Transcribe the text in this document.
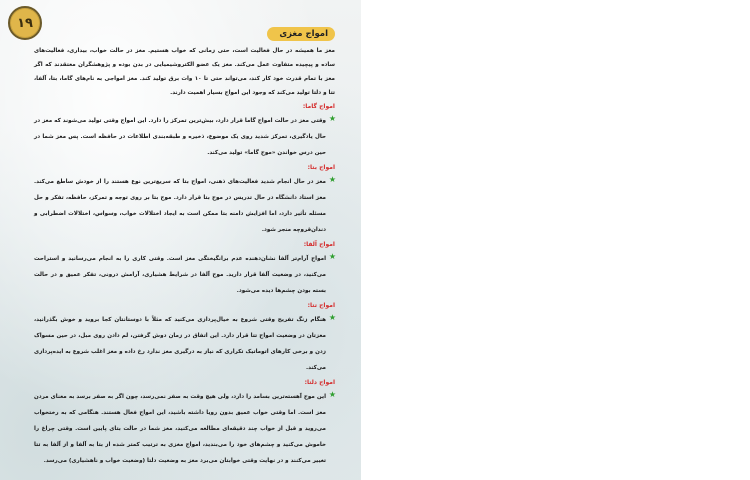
۱۹
امواج مغزی

مغز ما همیشه در حال فعالیت است، حتی زمانی که خواب هستیم. مغز در حالت خواب، بیداری، فعالیت‌های ساده و پیچیده متفاوت عمل می‌کند. مغز یک عضو الکتروشیمیایی در بدن بوده و پژوهشگران معتقدند که اگر مغز با تمام قدرت خود کار کند، می‌تواند حتی تا ۱۰ وات برق تولید کند. مغز امواجی به نام‌های گاما، بتا، آلفا، تتا و دلتا تولید می‌کند که وجود این امواج بسیار اهمیت دارند.

امواج گاما:
★

وقتی مغز در حالت امواج گاما قرار دارد، بیش‌ترین تمرکز را دارد. این امواج وقتی تولید می‌شوند که مغز در حال یادگیری، تمرکز شدید روی یک موضوع، ذخیره و طبقه‌بندی اطلاعات در حافظه است. پس مغز شما در حین درس خواندن «موج گاما» تولید می‌کند.

امواج بتا:
★

مغز در حال انجام شدید فعالیت‌های ذهنی، امواج بتا که سریع‌ترین نوع هستند را از خودش ساطع می‌کند. مغز استاد دانشگاه در حال تدریس در موج بتا قرار دارد. موج بتا بر روی توجه و تمرکز، حافظه، تفکر و حل مسئله تأثیر دارد، اما افزایش دامنه بتا ممکن است به ایجاد اختلالات خواب، وسواس، اختلالات اضطرابی و دندان‌قروچه منجر شود.

امواج آلفا:
★

امواج آرام‌تر آلفا نشان‌دهنده عدم برانگیختگی مغز است. وقتی کاری را به انجام می‌رسانید و استراحت می‌کنید، در وضعیت آلفا قرار دارید. موج آلفا در شرایط هشیاری، آرامش درونی، تفکر عمیق و در حالت بسته بودن چشم‌ها دیده می‌شود.

امواج تتا:
★

هنگام زنگ تفریح وقتی شروع به خیال‌پردازی می‌کنید که مثلاً با دوستانتان کجا بروید و خوش بگذرانید، مغزتان در وضعیت امواج تتا قرار دارد. این اتفاق در زمان دوش گرفتن، لم دادن روی مبل، در حین مسواک زدن و برخی کارهای اتوماتیک تکراری که نیاز به درگیری مغز ندارد رخ داده و مغز اغلب شروع به ایده‌پردازی می‌کند.

امواج دلتا:
★

این موج آهسته‌ترین بسامد را دارد، ولی هیچ وقت به صفر نمی‌رسد، چون اگر به صفر برسد به معنای مردن مغز است. اما وقتی خواب عمیق بدون رویا داشته باشید، این امواج فعال هستند. هنگامی که به رختخواب می‌روید و قبل از خواب چند دقیقه‌ای مطالعه می‌کنید، مغز شما در حالت بتای پایین است. وقتی چراغ را خاموش می‌کنید و چشم‌های خود را می‌بندید، امواج مغزی به ترتیب کمتر شده از بتا به آلفا و از آلفا به تتا تغییر می‌کنند و در نهایت وقتی خوابتان می‌برد مغز به وضعیت دلتا (وضعیت خواب و ناهشیاری) می‌رسد.
